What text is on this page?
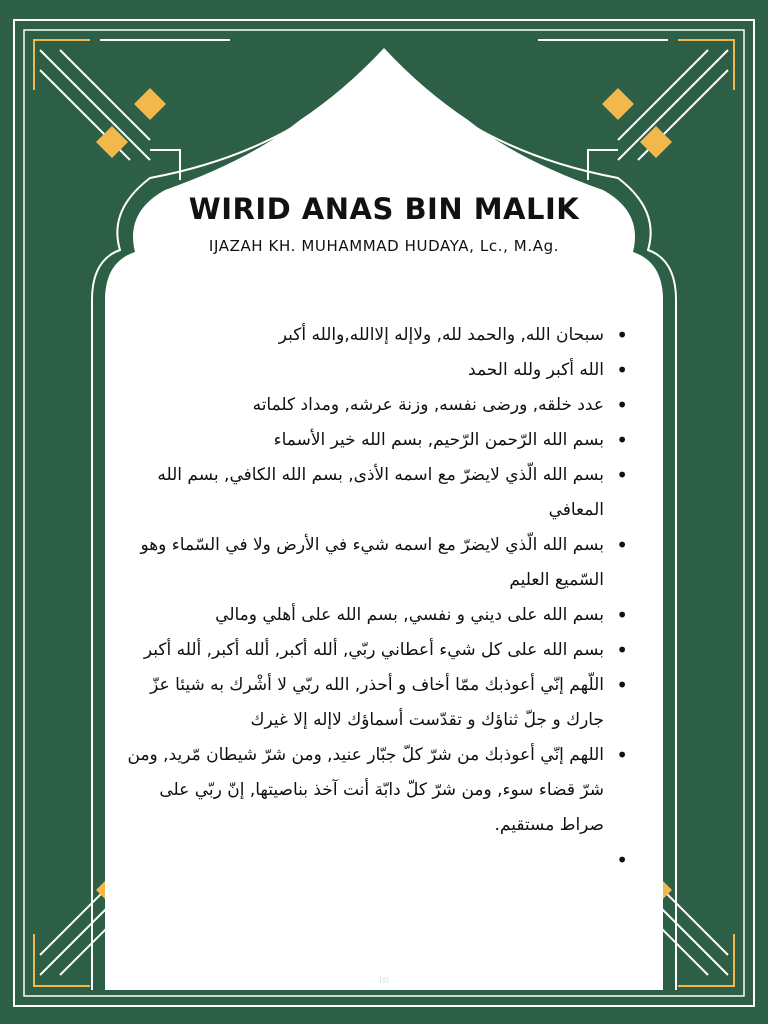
WIRID ANAS BIN MALIK
IJAZAH KH. MUHAMMAD HUDAYA, Lc., M.Ag.
• سبحان الله, والحمد لله, ولاإله إلاالله,والله أكبر
• الله أكبر ولله الحمد
• عدد خلقه, ورضى نفسه, وزنة عرشه, ومداد كلماته
• بسم الله الرّحمن الرّحيم, بسم الله خير الأسماء
• بسم الله الّذي لايضرّ مع اسمه الأذى, بسم الله الكافي, بسم الله المعافي
• بسم الله الّذي لايضرّ مع اسمه شيء في الأرض ولا في السّماء وهو السّميع العليم
• بسم الله على ديني و نفسي, بسم الله على أهلي ومالي
• بسم الله على كل شيء أعطاني ربّي, ألله أكبر, ألله أكبر, ألله أكبر
• اللّهم إنّي أعوذبك ممّا أخاف و أحذر, الله ربّي لا أشْرك به شيئا عزّ جارك و جلّ ثناؤك و تقدّست أسماؤك لاإله إلا غيرك
• اللهم إنّي أعوذبك من شرّ كلّ جبّار عنيد, ومن شرّ شيطان مّريد, ومن شرّ قضاء سوء, ومن شرّ كلّ دابّة أنت آخذ بناصيتها, إنّ ربّي على صراط مستقيم.
Isi
